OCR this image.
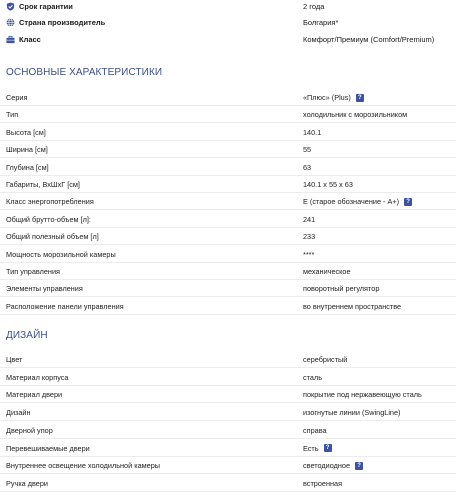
Срок гарантии	2 года
Страна производитель	Болгария*
Класс	Комфорт/Премиум (Comfort/Premium)
ОСНОВНЫЕ ХАРАКТЕРИСТИКИ
Серия	«Плюс» (Plus)	?
Тип	холодильник с морозильником
Высота [см]	140.1
Ширина [см]	55
Глубина [см]	63
Габариты, ВхШхГ [см]	140.1 x 55 x 63
Класс энергопотребления	E (старое обозначение - A+)	?
Общий брутто-объем [л]:	241
Общий полезный объем [л]	233
Мощность морозильной камеры	****
Тип управления	механическое
Элементы управления	поворотный регулятор
Расположение панели управления	во внутреннем пространстве
ДИЗАЙН
Цвет	серебристый
Материал корпуса	сталь
Материал двери	покрытие под нержавеющую сталь
Дизайн	изогнутые линии (SwingLine)
Дверной упор	справа
Перевешиваемые двери	Есть	?
Внутреннее освещение холодильной камеры	светодиодное	?
Ручка двери	встроенная
